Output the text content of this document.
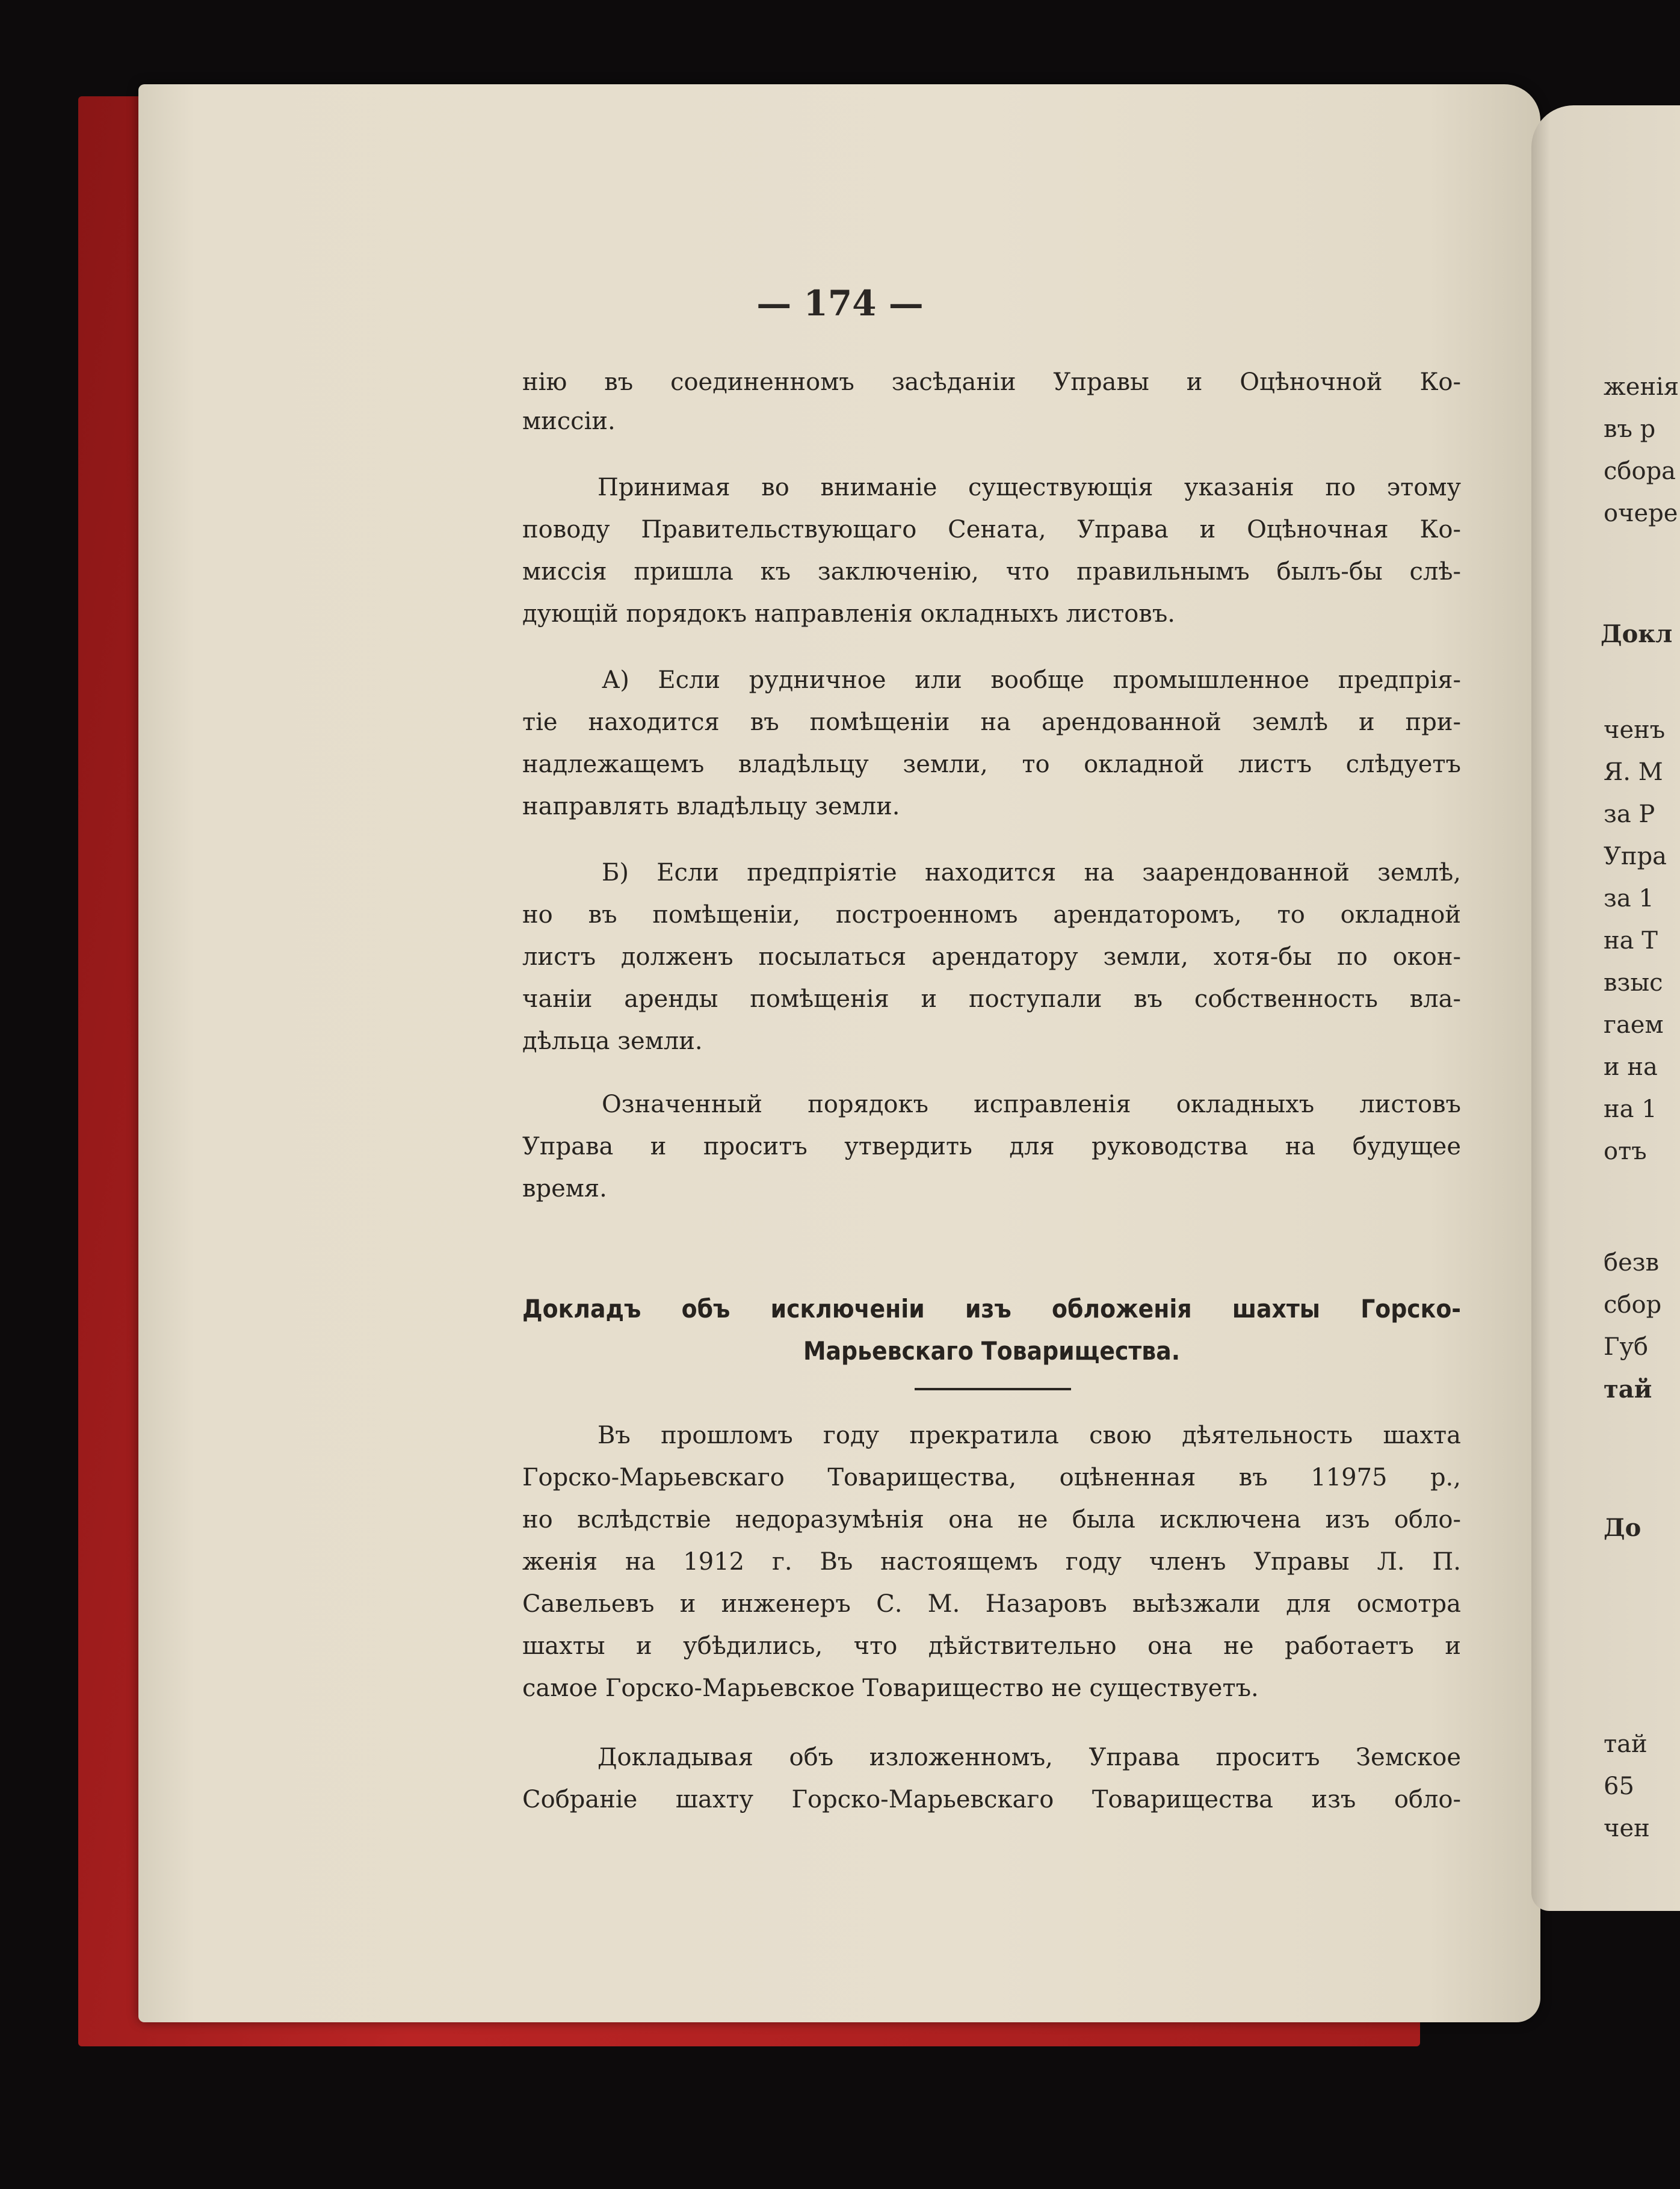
женія
въ р
сбора
очере
Докл
ченъ
Я. М
за Р
Упра
за 1
на Т
взыс
гаем
и на
на 1
отъ
безв
сбор
Губ
тай
До
тай
65
чен
— 174 —
нію въ соединенномъ засѣданіи Управы и Оцѣночной Ко-
миссіи.
Принимая во вниманіе существующія указанія по этому
поводу Правительствующаго Сената, Управа и Оцѣночная Ко-
миссія пришла къ заключенію, что правильнымъ былъ-бы слѣ-
дующій порядокъ направленія окладныхъ листовъ.
А) Если рудничное или вообще промышленное предпрія-
тіе находится въ помѣщеніи на арендованной землѣ и при-
надлежащемъ владѣльцу земли, то окладной листъ слѣдуетъ
направлять владѣльцу земли.
Б) Если предпріятіе находится на заарендованной землѣ,
но въ помѣщеніи, построенномъ арендаторомъ, то окладной
листъ долженъ посылаться арендатору земли, хотя-бы по окон-
чаніи аренды помѣщенія и поступали въ собственность вла-
дѣльца земли.
Означенный порядокъ исправленія окладныхъ листовъ
Управа и проситъ утвердить для руководства на будущее
время.
Докладъ объ исключеніи изъ обложенія шахты Горско-
Марьевскаго Товарищества.
Въ прошломъ году прекратила свою дѣятельность шахта
Горско-Марьевскаго Товарищества, оцѣненная въ 11975 р.,
но вслѣдствіе недоразумѣнія она не была исключена изъ обло-
женія на 1912 г. Въ настоящемъ году членъ Управы Л. П.
Савельевъ и инженеръ С. М. Назаровъ выѣзжали для осмотра
шахты и убѣдились, что дѣйствительно она не работаетъ и
самое Горско-Марьевское Товарищество не существуетъ.
Докладывая объ изложенномъ, Управа проситъ Земское
Собраніе шахту Горско-Марьевскаго Товарищества изъ обло-
